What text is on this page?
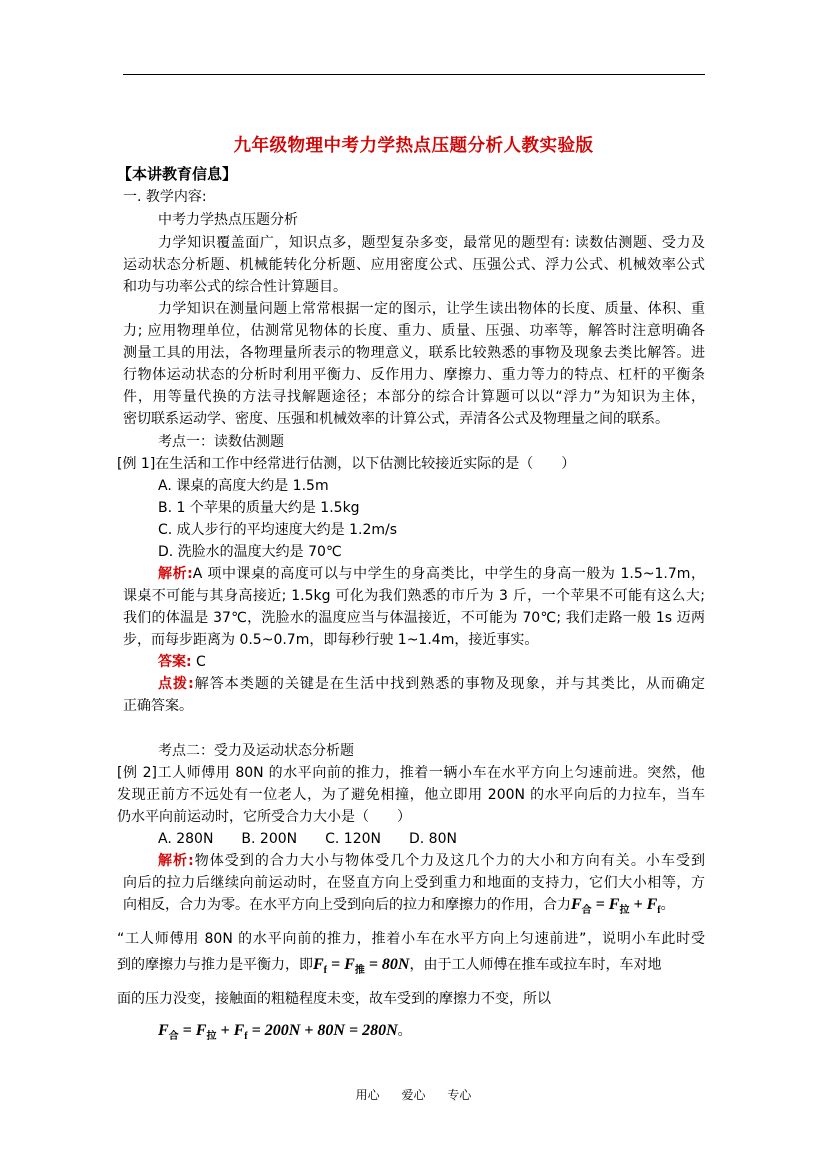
九年级物理中考力学热点压题分析人教实验版
【本讲教育信息】
一. 教学内容:
中考力学热点压题分析
力学知识覆盖面广，知识点多，题型复杂多变，最常见的题型有: 读数估测题、受力及
运动状态分析题、机械能转化分析题、应用密度公式、压强公式、浮力公式、机械效率公式
和功与功率公式的综合性计算题目。
力学知识在测量问题上常常根据一定的图示，让学生读出物体的长度、质量、体积、重
力; 应用物理单位，估测常见物体的长度、重力、质量、压强、功率等，解答时注意明确各
测量工具的用法，各物理量所表示的物理意义，联系比较熟悉的事物及现象去类比解答。进
行物体运动状态的分析时利用平衡力、反作用力、摩擦力、重力等力的特点、杠杆的平衡条
件，用等量代换的方法寻找解题途径；本部分的综合计算题可以以“浮力”为知识为主体，
密切联系运动学、密度、压强和机械效率的计算公式，弄清各公式及物理量之间的联系。
考点一：读数估测题
[例 1]在生活和工作中经常进行估测，以下估测比较接近实际的是（　　）
A. 课桌的高度大约是 1.5m
B. 1 个苹果的质量大约是 1.5kg
C. 成人步行的平均速度大约是 1.2m/s
D. 洗脸水的温度大约是 70℃
解析:A 项中课桌的高度可以与中学生的身高类比，中学生的身高一般为 1.5~1.7m，
课桌不可能与其身高接近; 1.5kg 可化为我们熟悉的市斤为 3 斤，一个苹果不可能有这么大;
我们的体温是 37℃，洗脸水的温度应当与体温接近，不可能为 70℃; 我们走路一般 1s 迈两
步，而每步距离为 0.5~0.7m，即每秒行驶 1~1.4m，接近事实。
答案: C
点拨:解答本类题的关键是在生活中找到熟悉的事物及现象，并与其类比，从而确定
正确答案。
考点二：受力及运动状态分析题
[例 2]工人师傅用 80N 的水平向前的推力，推着一辆小车在水平方向上匀速前进。突然，他
发现正前方不远处有一位老人，为了避免相撞，他立即用 200N 的水平向后的力拉车，当车
仍水平向前运动时，它所受合力大小是（　　）
A. 280N　　B. 200N　　C. 120N　　D. 80N
解析:物体受到的合力大小与物体受几个力及这几个力的大小和方向有关。小车受到
向后的拉力后继续向前运动时，在竖直方向上受到重力和地面的支持力，它们大小相等，方
向相反，合力为零。在水平方向上受到向后的拉力和摩擦力的作用，合力$F_合 = F_拉 + F_f$。
“工人师傅用 80N 的水平向前的推力，推着小车在水平方向上匀速前进”，说明小车此时受
到的摩擦力与推力是平衡力，即$F_f = F_推 = 80N$，由于工人师傅在推车或拉车时，车对地
面的压力没变，接触面的粗糙程度未变，故车受到的摩擦力不变，所以
$F_合 = F_拉 + F_f = 200N + 80N = 280N$。
用心 爱心 专心
